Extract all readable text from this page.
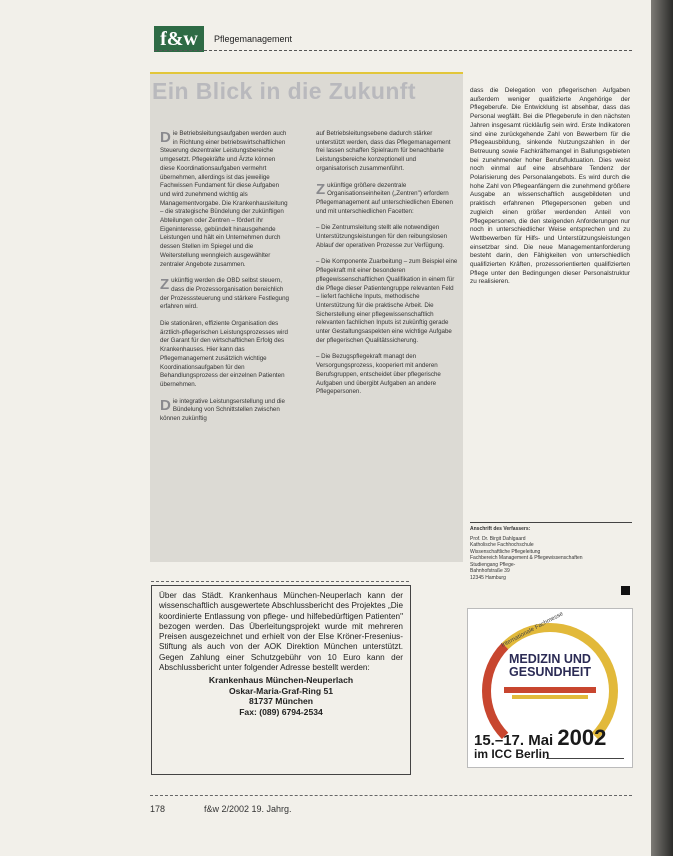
f&w	Pflegemanagement
Ein Blick in die Zukunft

Die Betriebsleitungsaufgaben werden auch in Richtung einer betriebswirtschaftlichen Steuerung dezentraler Leistungsbereiche umgesetzt. Pflegekräfte und Ärzte können diese Koordinationsaufgaben vermehrt übernehmen, allerdings ist das jeweilige Fachwissen Fundament für diese Aufgaben und wird zunehmend wichtig als Managementvorgabe. Die Krankenhausleitung – die strategische Bündelung der zukünftigen Abteilungen oder Zentren – fördert ihr Eigeninteresse, gebündelt hinausgehende Leistungen und hält ein Unternehmen durch dessen Stellen im Spiegel und die Weiterstellung wenngleich ausgewählter zentraler Angebote zusammen.

Zukünftig werden die OBD selbst steuern, dass die Prozessorganisation bereichlich der Prozesssteuerung und stärkere Festlegung erfahren wird.

Die stationären, effiziente Organisation des ärztlich-pflegerischen Leistungsprozesses wird der Garant für den wirtschaftlichen Erfolg des Krankenhauses. Hier kann das Pflegemanagement zusätzlich wichtige Koordinationsaufgaben für den Behandlungsprozess der einzelnen Patienten übernehmen.

Die integrative Leistungserstellung und die Bündelung von Schnittstellen zwischen können zukünftig

auf Betriebsleitungsebene dadurch stärker unterstützt werden, dass das Pflegemanagement frei lassen schaffen Spielraum für benachbarte Leistungsbereiche konzeptionell und organisatorisch zusammenführt.

Zukünftige größere dezentrale Organisationseinheiten („Zentren") erfordern Pflegemanagement auf unterschiedlichen Ebenen und mit unterschiedlichen Facetten:

– Die Zentrumsleitung stellt alle notwendigen Unterstützungsleistungen für den reibungslosen Ablauf der operativen Prozesse zur Verfügung.

– Die Komponente Zuarbeitung – zum Beispiel eine Pflegekraft mit einer besonderen pflegewissenschaftlichen Qualifikation in einem für die Pflege dieser Patientengruppe relevanten Feld – liefert fachliche Inputs, methodische Unterstützung für die praktische Arbeit. Die Sicherstellung einer pflegewissenschaftlich relevanten fachlichen Inputs ist zukünftig gerade unter Gestaltungsaspekten eine wichtige Aufgabe der pflegerischen Qualitätssicherung.

– Die Bezugspflegekraft managt den Versorgungsprozess, kooperiert mit anderen Berufsgruppen, entscheidet über pflegerische Aufgaben und übergibt Aufgaben an andere Pflegepersonen.

dass die Delegation von pflegerischen Aufgaben außerdem weniger qualifizierte Angehörige der Pflegeberufe. Die Entwicklung ist absehbar, dass das Personal wegfällt. Bei die Pflegeberufe in den nächsten Jahren insgesamt rückläufig sein wird. Erste Indikatoren sind eine zurückgehende Zahl von Bewerbern für die Pflegeausbildung, sinkende Nutzungszahlen in der Betreuung sowie Fachkräftemangel in Ballungsgebieten bei zunehmender hoher Berufsfluktuation. Dies weist noch einmal auf eine absehbare Tendenz der Polarisierung des Personalangebots. Es wird durch die hohe Zahl von Pflegeanfängern die zunehmend größere Ausgabe an wissenschaftlich ausgebildeten und praktisch erfahrenen Pflegepersonen geben und zugleich einen größer werdenden Anteil von Pflegepersonen, die den steigenden Anforderungen nur noch in unterschiedlicher Weise entsprechen und zu Wettbewerben für Hilfs- und Unterstützungsleistungen einsetzbar sind. Die neue Managementanforderung besteht darin, den Fähigkeiten von unterschiedlich qualifizierten Kräften, prozessorientierten qualifizierten Pflege unter den Bedingungen dieser Personalstruktur zu realisieren.
Anschrift des Verfassers:
Prof. Dr. Birgit Dahlgaard
Katholische Fachhochschule
Wissenschaftliche Pflegeleitung
Fachbereich Management & Pflegewissenschaften
Studiengang Pflege-
Bahnhofstraße 39
12345 Hamburg
Über das Städt. Krankenhaus München-Neuperlach kann der wissenschaftlich ausgewertete Abschlussbericht des Projektes „Die koordinierte Entlassung von pflege- und hilfebedürftigen Patienten" bezogen werden. Das Überleitungsprojekt wurde mit mehreren Preisen ausgezeichnet und erhielt von der Else Kröner-Fresenius-Stiftung als auch von der AOK Direktion München unterstützt. Gegen Zahlung einer Schutzgebühr von 10 Euro kann der Abschlussbericht unter folgender Adresse bestellt werden:
Krankenhaus München-Neuperlach
Oskar-Maria-Graf-Ring 51
81737 München
Fax: (089) 6794-2534
Internationale Fachmesse
MEDIZIN UND
GESUNDHEIT
15.–17. Mai 2002
im ICC Berlin
178	f&w 2/2002 19. Jahrg.
